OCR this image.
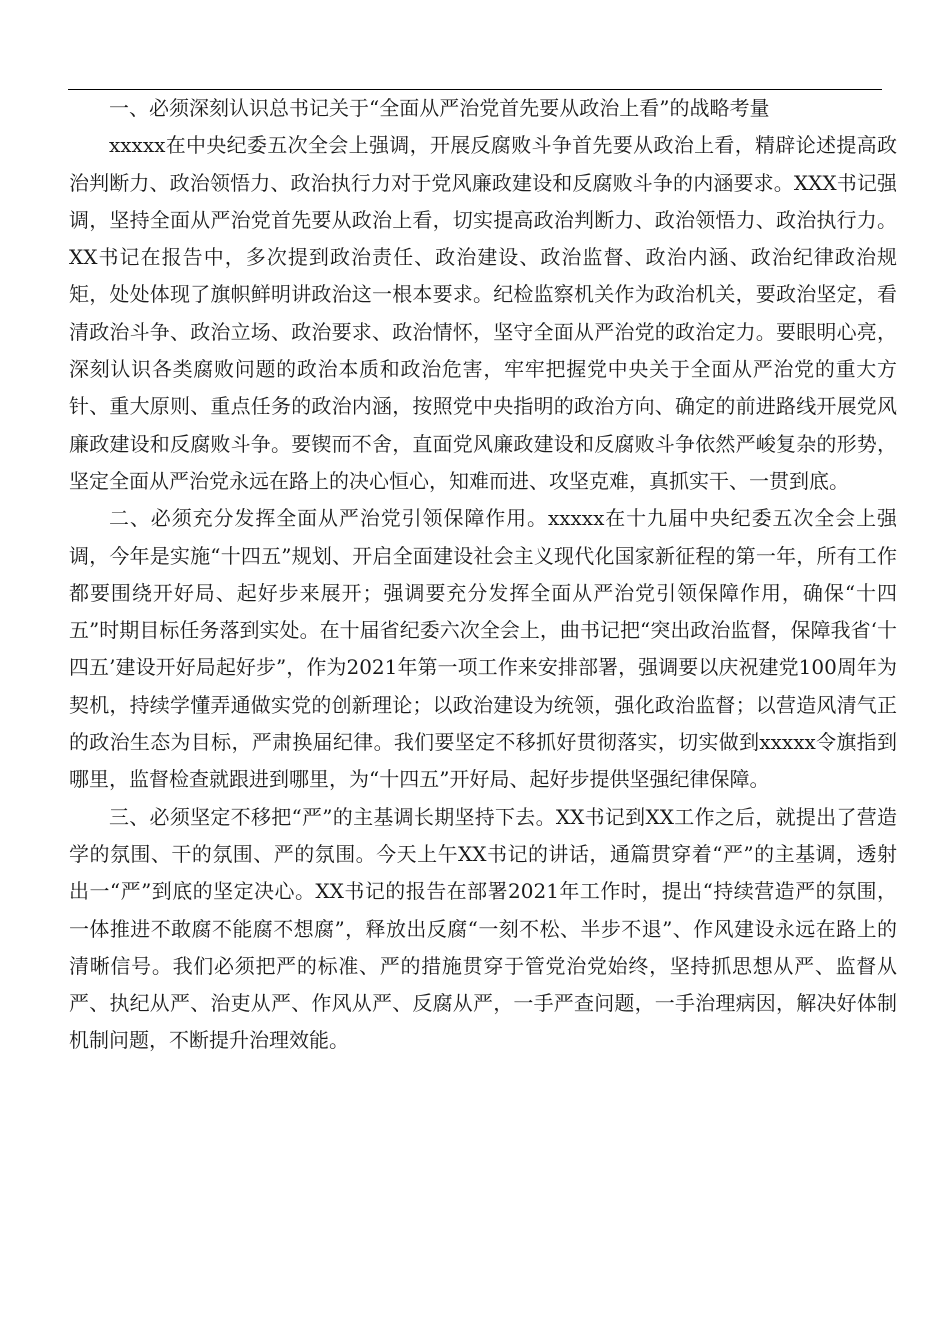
一、必须深刻认识总书记关于“全面从严治党首先要从政治上看”的战略考量

xxxxx在中央纪委五次全会上强调，开展反腐败斗争首先要从政治上看，精辟论述提高政治判断力、政治领悟力、政治执行力对于党风廉政建设和反腐败斗争的内涵要求。XXX书记强调，坚持全面从严治党首先要从政治上看，切实提高政治判断力、政治领悟力、政治执行力。XX书记在报告中，多次提到政治责任、政治建设、政治监督、政治内涵、政治纪律政治规矩，处处体现了旗帜鲜明讲政治这一根本要求。纪检监察机关作为政治机关，要政治坚定，看清政治斗争、政治立场、政治要求、政治情怀，坚守全面从严治党的政治定力。要眼明心亮，深刻认识各类腐败问题的政治本质和政治危害，牢牢把握党中央关于全面从严治党的重大方针、重大原则、重点任务的政治内涵，按照党中央指明的政治方向、确定的前进路线开展党风廉政建设和反腐败斗争。要锲而不舍，直面党风廉政建设和反腐败斗争依然严峻复杂的形势，坚定全面从严治党永远在路上的决心恒心，知难而进、攻坚克难，真抓实干、一贯到底。

二、必须充分发挥全面从严治党引领保障作用。xxxxx在十九届中央纪委五次全会上强调，今年是实施“十四五”规划、开启全面建设社会主义现代化国家新征程的第一年，所有工作都要围绕开好局、起好步来展开；强调要充分发挥全面从严治党引领保障作用，确保“十四五”时期目标任务落到实处。在十届省纪委六次全会上，曲书记把“突出政治监督，保障我省‘十四五’建设开好局起好步”，作为2021年第一项工作来安排部署，强调要以庆祝建党100周年为契机，持续学懂弄通做实党的创新理论；以政治建设为统领，强化政治监督；以营造风清气正的政治生态为目标，严肃换届纪律。我们要坚定不移抓好贯彻落实，切实做到xxxxx令旗指到哪里，监督检查就跟进到哪里，为“十四五”开好局、起好步提供坚强纪律保障。

三、必须坚定不移把“严”的主基调长期坚持下去。XX书记到XX工作之后，就提出了营造学的氛围、干的氛围、严的氛围。今天上午XX书记的讲话，通篇贯穿着“严”的主基调，透射出一“严”到底的坚定决心。XX书记的报告在部署2021年工作时，提出“持续营造严的氛围，一体推进不敢腐不能腐不想腐”，释放出反腐“一刻不松、半步不退”、作风建设永远在路上的清晰信号。我们必须把严的标准、严的措施贯穿于管党治党始终，坚持抓思想从严、监督从严、执纪从严、治吏从严、作风从严、反腐从严，一手严查问题，一手治理病因，解决好体制机制问题，不断提升治理效能。
